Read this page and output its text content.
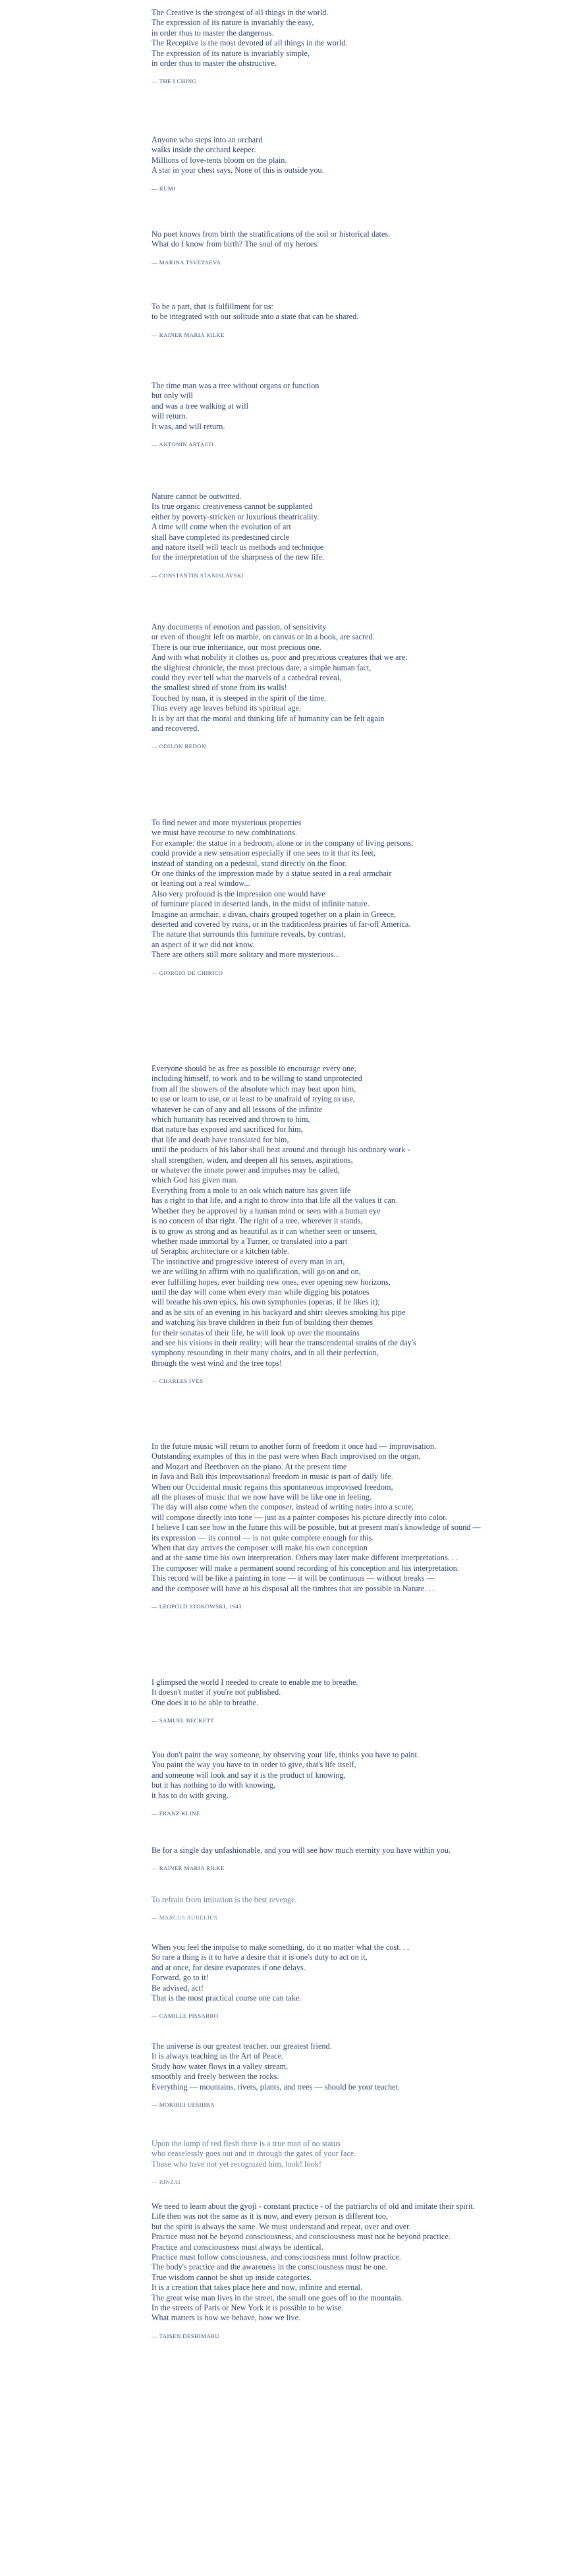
The Creative is the strongest of all things in the world.
The expression of its nature is invariably the easy,
in order thus to master the dangerous.
The Receptive is the most devoted of all things in the world.
The expression of its nature is invariably simple,
in order thus to master the obstructive.

— THE I CHING

Anyone who steps into an orchard
walks inside the orchard keeper.
Millions of love-tents bloom on the plain.
A star in your chest says, None of this is outside you.

— RUMI

No poet knows from birth the stratifications of the soil or historical dates.
What do I know from birth? The soul of my heroes.

— MARINA TSVETAEVA

To be a part, that is fulfillment for us:
to be integrated with our solitude into a state that can be shared.

— RAINER MARIA RILKE

The time man was a tree without organs or function
but only will
and was a tree walking at will
will return.
It was, and will return.

— ANTONIN ARTAUD

Nature cannot be outwitted.
Its true organic creativeness cannot be supplanted
either by poverty-stricken or luxurious theatricality.
A time will come when the evolution of art
shall have completed its predestined circle
and nature itself will teach us methods and technique
for the interpretation of the sharpness of the new life.

— CONSTANTIN STANISLAVSKI

Any documents of emotion and passion, of sensitivity
or even of thought left on marble, on canvas or in a book, are sacred.
There is our true inheritance, our most precious one.
And with what nobility it clothes us, poor and precarious creatures that we are:
the slightest chronicle, the most precious date, a simple human fact,
could they ever tell what the marvels of a cathedral reveal,
the smallest shred of stone from its walls!
Touched by man, it is steeped in the spirit of the time.
Thus every age leaves behind its spiritual age.
It is by art that the moral and thinking life of humanity can be felt again
and recovered.

— ODILON REDON

To find newer and more mysterious properties
we must have recourse to new combinations.
For example: the statue in a bedroom, alone or in the company of living persons,
could provide a new sensation especially if one sees to it that its feet,
instead of standing on a pedestal, stand directly on the floor.
Or one thinks of the impression made by a statue seated in a real armchair
or leaning out a real window...
Also very profound is the impression one would have
of furniture placed in deserted lands, in the midst of infinite nature.
Imagine an armchair, a divan, chairs grouped together on a plain in Greece,
deserted and covered by ruins, or in the traditionless prairies of far-off America.
The nature that surrounds this furniture reveals, by contrast,
an aspect of it we did not know.
There are others still more solitary and more mysterious...

— GIORGIO DE CHIRICO

Everyone should be as free as possible to encourage every one,
including himself, to work and to be willing to stand unprotected
from all the showers of the absolute which may beat upon him,
to use or learn to use, or at least to be unafraid of trying to use,
whatever he can of any and all lessons of the infinite
which humanity has received and thrown to him,
that nature has exposed and sacrificed for him,
that life and death have translated for him,
until the products of his labor shall beat around and through his ordinary work -
shall strengthen, widen, and deepen all his senses, aspirations,
or whatever the innate power and impulses may be called,
which God has given man.
Everything from a mole to an oak which nature has given life
has a right to that life, and a right to throw into that life all the values it can.
Whether they be approved by a human mind or seen with a human eye
is no concern of that right. The right of a tree, wherever it stands,
is to grow as strong and as beautiful as it can whether seen or unseen,
whether made immortal by a Turner, or translated into a part
of Seraphic architecture or a kitchen table.
The instinctive and progressive interest of every man in art,
we are willing to affirm with no qualification, will go on and on,
ever fulfilling hopes, ever building new ones, ever opening new horizons,
until the day will come when every man while digging his potatoes
will breathe his own epics, his own symphonies (operas, if he likes it);
and as he sits of an evening in his backyard and shirt sleeves smoking his pipe
and watching his brave children in their fun of building their themes
for their sonatas of their life, he will look up over the mountains
and see his visions in their reality; will hear the transcendental strains of the day's
symphony resounding in their many choirs, and in all their perfection,
through the west wind and the tree tops!

— CHARLES IVES

In the future music will return to another form of freedom it once had — improvisation.
Outstanding examples of this in the past were when Bach improvised on the organ,
and Mozart and Beethoven on the piano. At the present time
in Java and Bali this improvisational freedom in music is part of daily life.
When our Occidental music regains this spontaneous improvised freedom,
all the phases of music that we now have will be like one in feeling.
The day will also come when the composer, instead of writing notes into a score,
will compose directly into tone — just as a painter composes his picture directly into color.
I believe I can see how in the future this will be possible, but at present man's knowledge of sound —
its expression — its control — is not quite complete enough for this.
When that day arrives the composer will make his own conception
and at the same time his own interpretation. Others may later make different interpretations. . .
The composer will make a permanent sound recording of his conception and his interpretation.
This record will be like a painting in tone — it will be continuous — without breaks —
and the composer will have at his disposal all the timbres that are possible in Nature. . .

— LEOPOLD STOKOWSKI, 1943

I glimpsed the world I needed to create to enable me to breathe.
It doesn't matter if you're not published.
One does it to be able to breathe.

— SAMUEL BECKETT

You don't paint the way someone, by observing your life, thinks you have to paint.
You paint the way you have to in order to give, that's life itself,
and someone will look and say it is the product of knowing,
but it has nothing to do with knowing,
it has to do with giving.

— FRANZ KLINE

Be for a single day unfashionable, and you will see how much eternity you have within you.

— RAINER MARIA RILKE

To refrain from imitation is the best revenge.

— MARCUS AURELIUS

When you feel the impulse to make something, do it no matter what the cost. . .
So rare a thing is it to have a desire that it is one's duty to act on it,
and at once, for desire evaporates if one delays.
Forward, go to it!
Be advised, act!
That is the most practical course one can take.

— CAMILLE PISSARRO

The universe is our greatest teacher, our greatest friend.
It is always teaching us the Art of Peace.
Study how water flows in a valley stream,
smoothly and freely between the rocks.
Everything — mountains, rivers, plants, and trees — should be your teacher.

— MORIHEI UESHIBA

Upon the lump of red flesh there is a true man of no status
who ceaselessly goes out and in through the gates of your face.
Those who have not yet recognized him, look! look!

— RINZAI

We need to learn about the gyoji - constant practice - of the patriarchs of old and imitate their spirit.
Life then was not the same as it is now, and every person is different too,
but the spirit is always the same. We must understand and repeat, over and over.
Practice must not be beyond consciousness, and consciousness must not be beyond practice.
Practice and consciousness must always be identical.
Practice must follow consciousness, and consciousness must follow practice.
The body's practice and the awareness in the consciousness must be one.
True wisdom cannot be shut up inside categories.
It is a creation that takes place here and now, infinite and eternal.
The great wise man lives in the street, the small one goes off to the mountain.
In the streets of Paris or New York it is possible to be wise.
What matters is how we behave, how we live.

— TAISEN DESHIMARU
